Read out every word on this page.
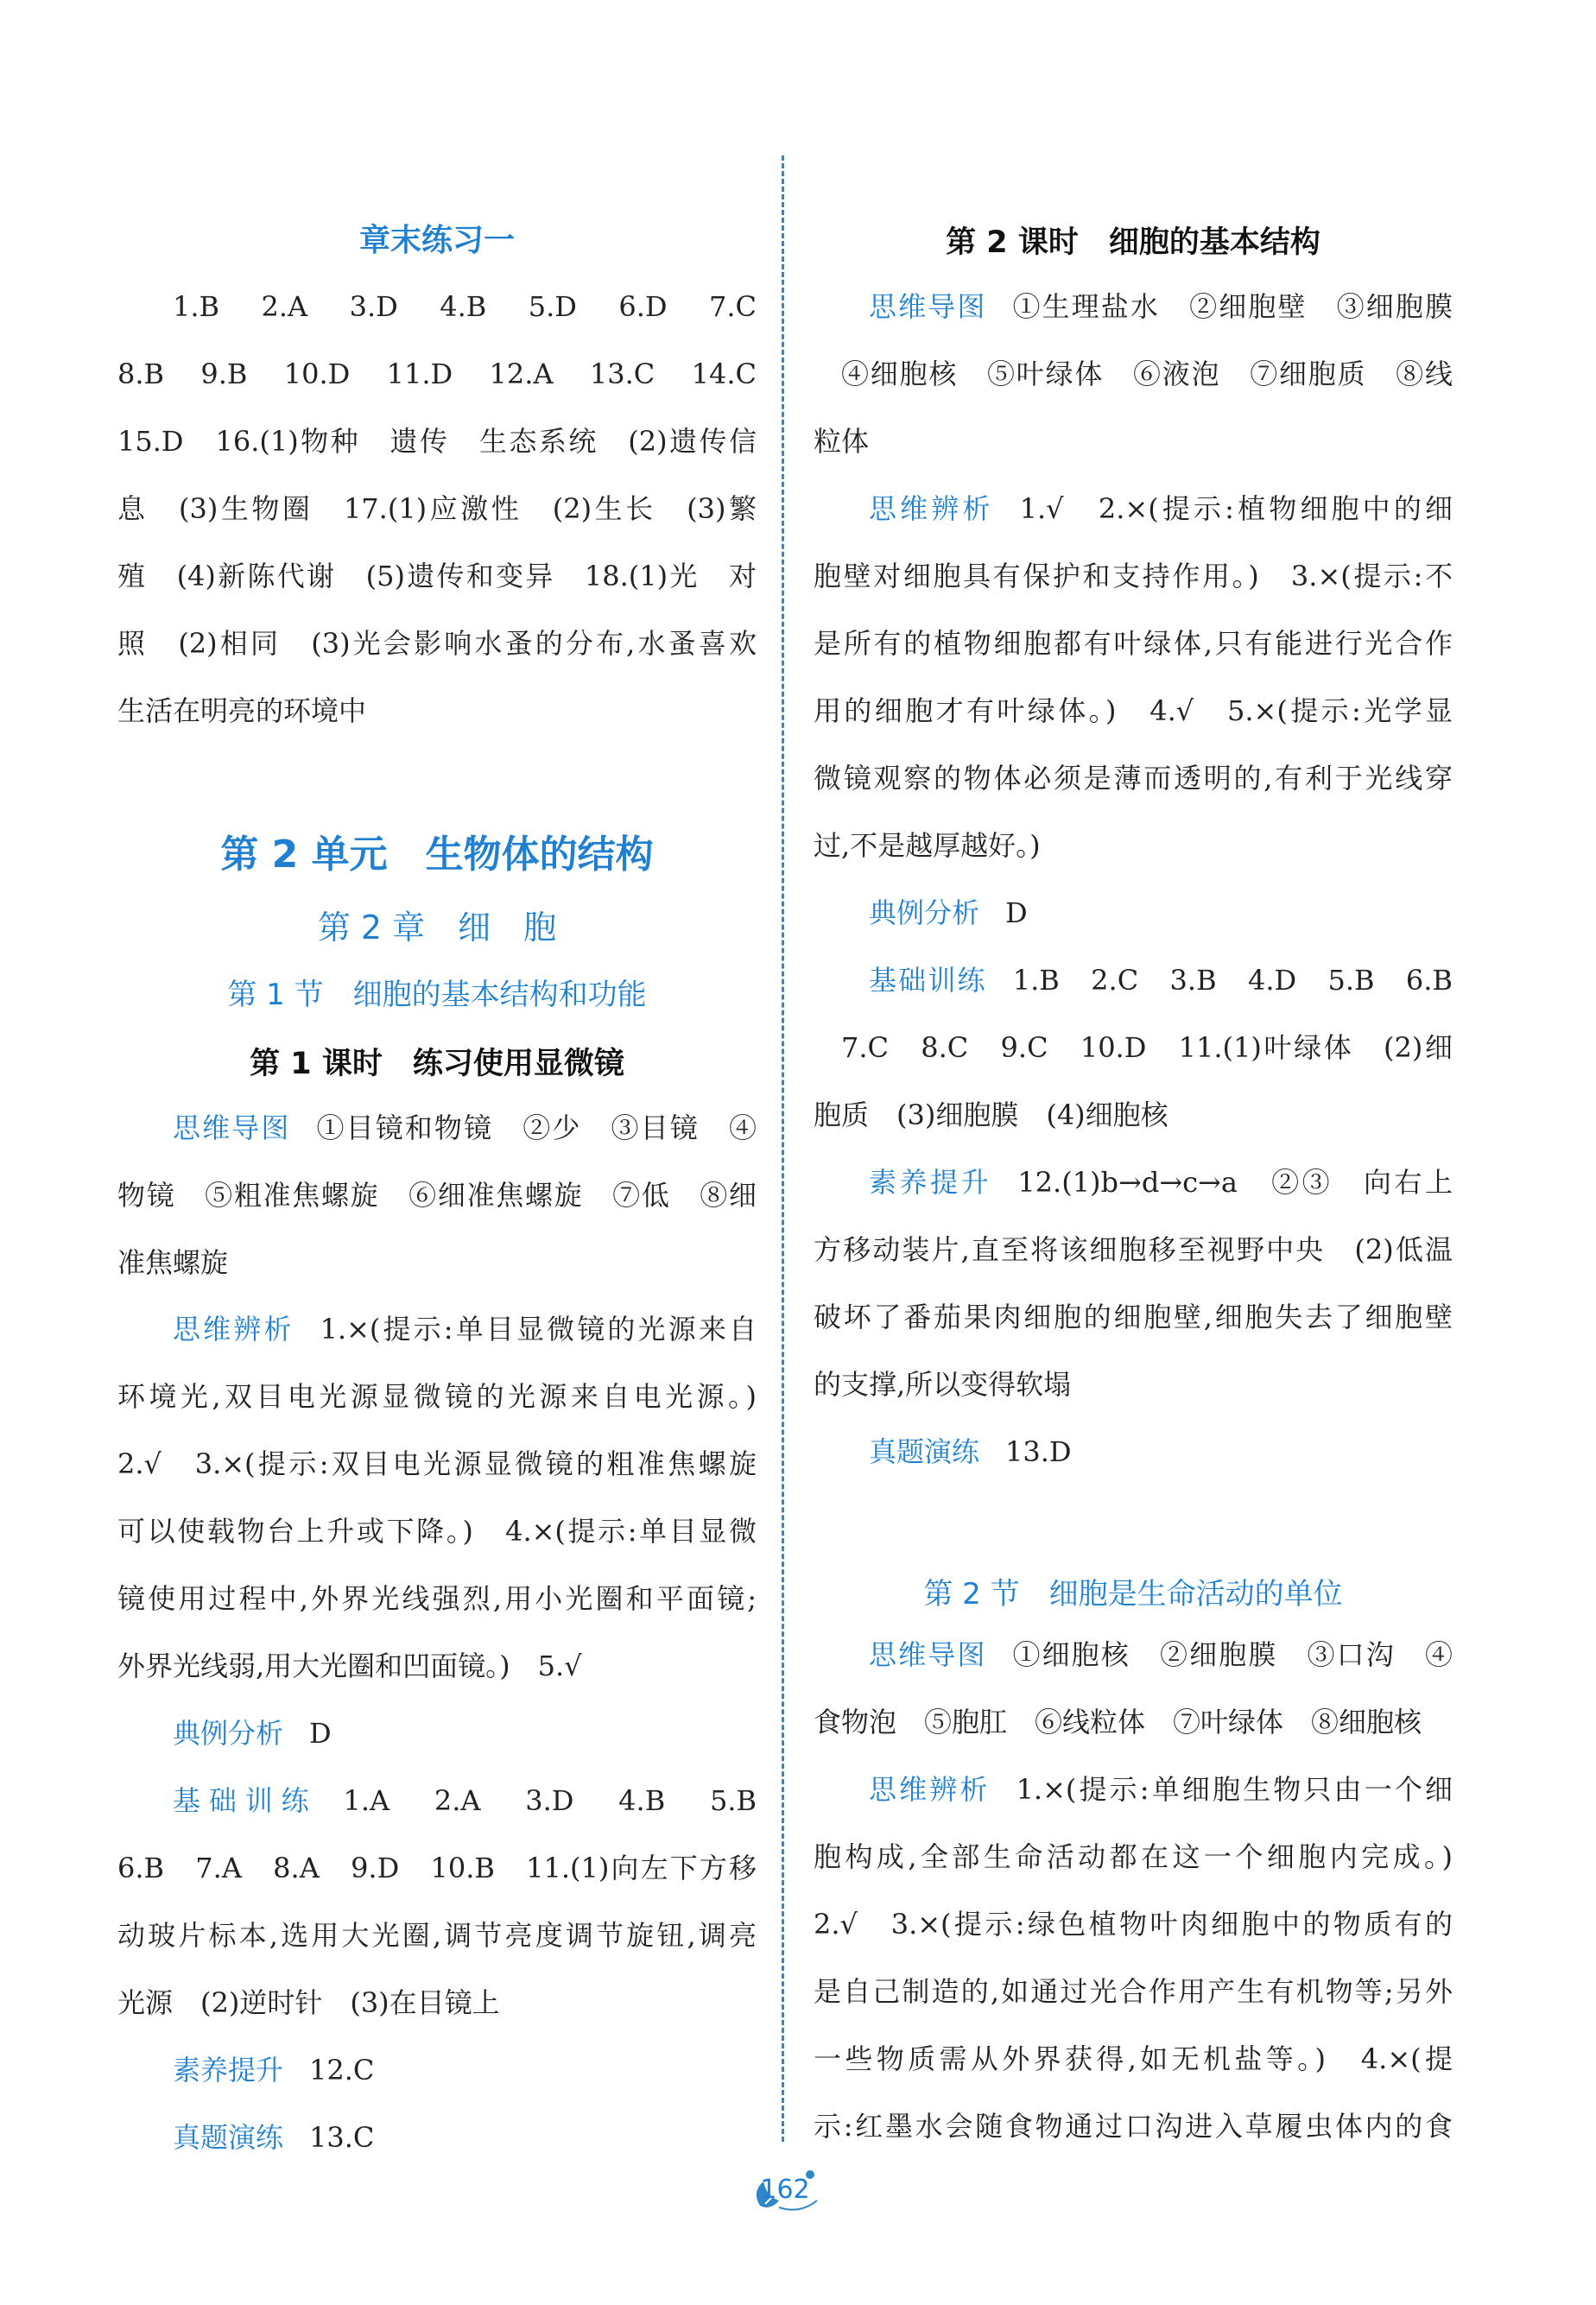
章末练习一
1.B　2.A　3.D　4.B　5.D　6.D　7.C
8.B　9.B　10.D　11.D　12.A　13.C　14.C
15.D　16.(1)物种　遗传　生态系统　(2)遗传信
息　(3)生物圈　17.(1)应激性　(2)生长　(3)繁
殖　(4)新陈代谢　(5)遗传和变异　18.(1)光　对
照　(2)相同　(3)光会影响水蚤的分布,水蚤喜欢
生活在明亮的环境中
第 2 单元　生物体的结构
第 2 章　细　胞
第 1 节　细胞的基本结构和功能
第 1 课时　练习使用显微镜
思维导图 ①目镜和物镜　②少　③目镜　④
物镜　⑤粗准焦螺旋　⑥细准焦螺旋　⑦低　⑧细
准焦螺旋
思维辨析 1.×(提示:单目显微镜的光源来自
环境光,双目电光源显微镜的光源来自电光源。)
2.√　3.×(提示:双目电光源显微镜的粗准焦螺旋
可以使载物台上升或下降。)　4.×(提示:单目显微
镜使用过程中,外界光线强烈,用小光圈和平面镜;
外界光线弱,用大光圈和凹面镜。)　5.√
典例分析 D
基础训练 1.A　2.A　3.D　4.B　5.B
6.B　7.A　8.A　9.D　10.B　11.(1)向左下方移
动玻片标本,选用大光圈,调节亮度调节旋钮,调亮
光源　(2)逆时针　(3)在目镜上
素养提升 12.C
真题演练 13.C
第 2 课时　细胞的基本结构
思维导图 ①生理盐水　②细胞壁　③细胞膜
④细胞核　⑤叶绿体　⑥液泡　⑦细胞质　⑧线
粒体
思维辨析 1.√　2.×(提示:植物细胞中的细
胞壁对细胞具有保护和支持作用。)　3.×(提示:不
是所有的植物细胞都有叶绿体,只有能进行光合作
用的细胞才有叶绿体。)　4.√　5.×(提示:光学显
微镜观察的物体必须是薄而透明的,有利于光线穿
过,不是越厚越好。)
典例分析 D
基础训练 1.B　2.C　3.B　4.D　5.B　6.B
7.C　8.C　9.C　10.D　11.(1)叶绿体　(2)细
胞质　(3)细胞膜　(4)细胞核
素养提升 12.(1)b→d→c→a　②③　向右上
方移动装片,直至将该细胞移至视野中央　(2)低温
破坏了番茄果肉细胞的细胞壁,细胞失去了细胞壁
的支撑,所以变得软塌
真题演练 13.D
第 2 节　细胞是生命活动的单位
思维导图 ①细胞核　②细胞膜　③口沟　④
食物泡　⑤胞肛　⑥线粒体　⑦叶绿体　⑧细胞核
思维辨析 1.×(提示:单细胞生物只由一个细
胞构成,全部生命活动都在这一个细胞内完成。)
2.√　3.×(提示:绿色植物叶肉细胞中的物质有的
是自己制造的,如通过光合作用产生有机物等;另外
一些物质需从外界获得,如无机盐等。)　4.×(提
示:红墨水会随食物通过口沟进入草履虫体内的食
162
